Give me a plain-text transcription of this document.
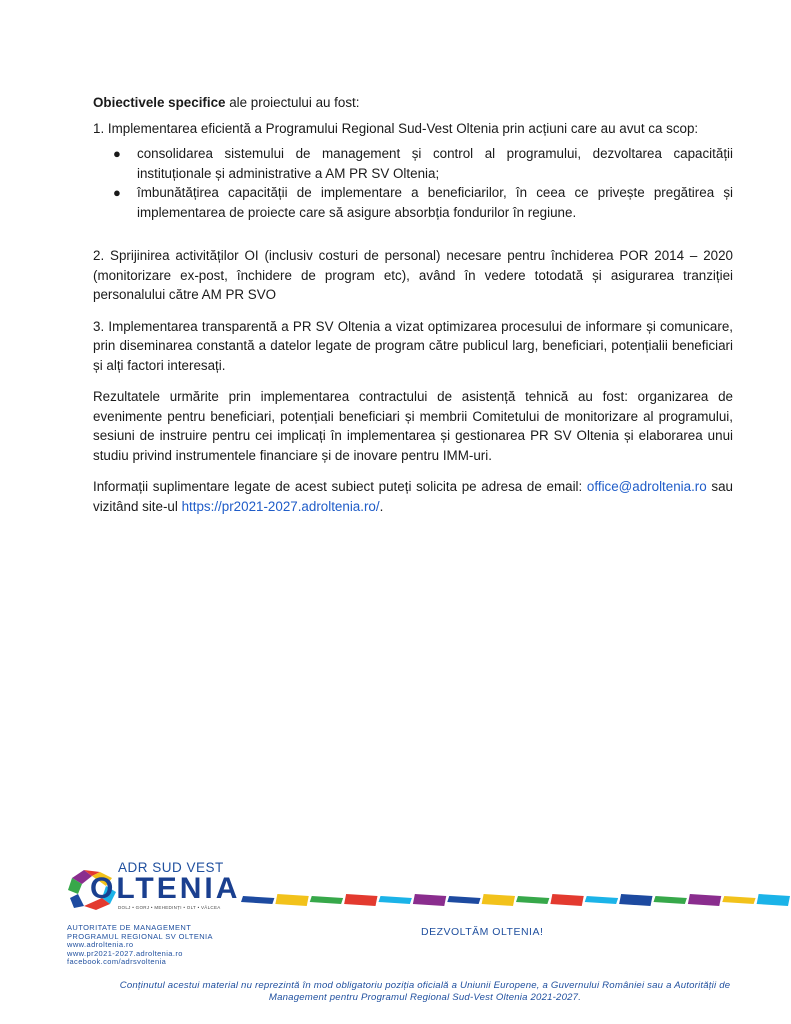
Obiectivele specifice ale proiectului au fost:

1. Implementarea eficientă a Programului Regional Sud-Vest Oltenia prin acțiuni care au avut ca scop:

● consolidarea sistemului de management și control al programului, dezvoltarea capacității instituționale și administrative a AM PR SV Oltenia;
● îmbunătățirea capacității de implementare a beneficiarilor, în ceea ce privește pregătirea și implementarea de proiecte care să asigure absorbția fondurilor în regiune.

2. Sprijinirea activităților OI (inclusiv costuri de personal) necesare pentru închiderea POR 2014 – 2020 (monitorizare ex-post, închidere de program etc), având în vedere totodată și asigurarea tranziției personalului către AM PR SVO

3. Implementarea transparentă a PR SV Oltenia a vizat optimizarea procesului de informare și comunicare, prin diseminarea constantă a datelor legate de program către publicul larg, beneficiari, potențialii beneficiari și alți factori interesați.

Rezultatele urmărite prin implementarea contractului de asistență tehnică au fost: organizarea de evenimente pentru beneficiari, potențiali beneficiari și membrii Comitetului de monitorizare al programului, sesiuni de instruire pentru cei implicați în implementarea și gestionarea PR SV Oltenia și elaborarea unui studiu privind instrumentele financiare și de inovare pentru IMM-uri.

Informații suplimentare legate de acest subiect puteți solicita pe adresa de email: office@adroltenia.ro sau vizitând site-ul https://pr2021-2027.adroltenia.ro/.

ADR SUD VEST
OLTENIA
DOLJ • GORJ • MEHEDINȚI • OLT • VÂLCEA
AUTORITATE DE MANAGEMENT
PROGRAMUL REGIONAL SV OLTENIA
www.adroltenia.ro
www.pr2021-2027.adroltenia.ro
facebook.com/adrsvoltenia
DEZVOLTĂM OLTENIA!
Conținutul acestui material nu reprezintă în mod obligatoriu poziția oficială a Uniunii Europene, a Guvernului României sau a Autorității de Management pentru Programul Regional Sud-Vest Oltenia 2021-2027.
